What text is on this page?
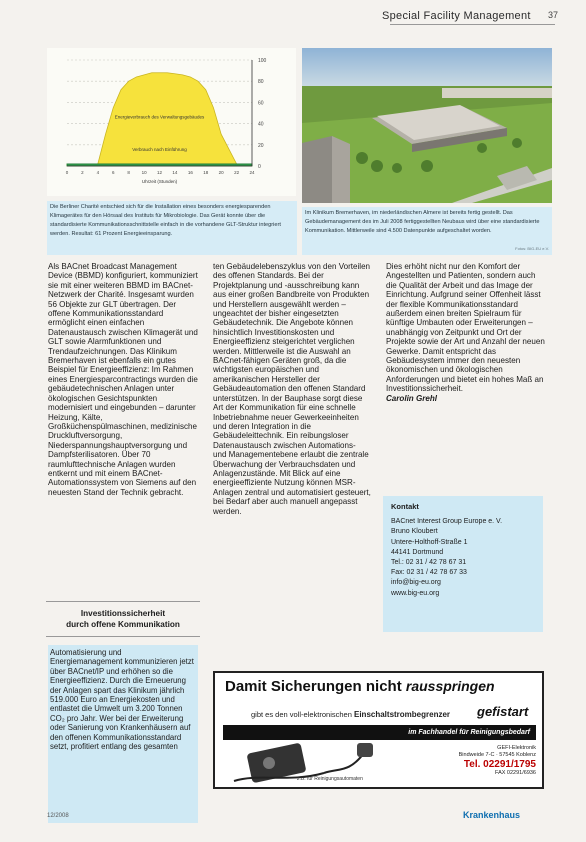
Special Facility Management 37
100
80
60
40
20
0
0	2	4	6	8	10 12 14 16 18 20 22 24
Uhrzeit (Stunden)
Energieverbrauch des Verwaltungsgebäudes
Verbrauch nach Einführung
Die Berliner Charité entschied sich für die Installation eines besonders energiesparenden Klimagerätes für den Hörsaal des Instituts für Mikrobiologie. Das Gerät konnte über die standardisierte Kommunikationsschnittstelle einfach in die vorhandene GLT-Struktur integriert werden. Resultat: 61 Prozent Energieeinsparung.
Im Klinikum Bremerhaven, im niederländischen Almere ist bereits fertig gestellt. Das Gebäudemanagement des im Juli 2008 fertiggestellten Neubaus wird über eine standardisierte Kommunikation. Mittlerweile sind 4.500 Datenpunkte aufgeschaltet worden.
Fotos: BIG-EU e.V.

Als BACnet Broadcast Management Device (BBMD) konfiguriert, kommuniziert sie mit einer weiteren BBMD im BACnet-Netzwerk der Charité. Insgesamt wurden 56 Objekte zur GLT übertragen. Der offene Kommunikationsstandard ermöglicht einen einfachen Datenaustausch zwischen Klimagerät und GLT sowie Alarmfunktionen und Trendaufzeichnungen. Das Klinikum Bremerhaven ist ebenfalls ein gutes Beispiel für Energieeffizienz: Im Rahmen eines Energiesparcontractings wurden die gebäudetechnischen Anlagen unter ökologischen Gesichtspunkten modernisiert und eingebunden – darunter Heizung, Kälte, Großküchenspülmaschinen, medizinische Druckluftversorgung, Niederspannungshauptversorgung und Dampfsterilisatoren. Über 70 raumlufttechnische Anlagen wurden entkernt und mit einem BACnet-Automationssystem von Siemens auf den neuesten Stand der Technik gebracht.

Investitionssicherheit
durch offene Kommunikation
Automatisierung und Energiemanagement kommunizieren jetzt über BACnet/IP und erhöhen so die Energieeffizienz. Durch die Erneuerung der Anlagen spart das Klinikum jährlich 519.000 Euro an Energiekosten und entlastet die Umwelt um 3.200 Tonnen CO₂ pro Jahr. Wer bei der Erweiterung oder Sanierung von Krankenhäusern auf den offenen Kommunikationsstandard setzt, profitiert entlang des gesamten

ten Gebäudelebenszyklus von den Vorteilen des offenen Standards. Bei der Projektplanung und -ausschreibung kann aus einer großen Bandbreite von Produkten und Herstellern ausgewählt werden – ungeachtet der bisher eingesetzten Gebäudetechnik. Die Angebote können hinsichtlich Investitionskosten und Energieeffizienz steigerichtet verglichen werden. Mittlerweile ist die Auswahl an BACnet-fähigen Geräten groß, da die wichtigsten europäischen und amerikanischen Hersteller der Gebäudeautomation den offenen Standard unterstützen. In der Bauphase sorgt diese Art der Kommunikation für eine schnelle Inbetriebnahme neuer Gewerkeeinheiten und deren Integration in die Gebäudeleittechnik. Ein reibungsloser Datenaustausch zwischen Automations- und Managementebene erlaubt die zentrale Überwachung der Verbrauchsdaten und Anlagenzustände. Mit Blick auf eine energieeffiziente Nutzung können MSR-Anlagen zentral und automatisiert gesteuert, bei Bedarf aber auch manuell angepasst werden.

Dies erhöht nicht nur den Komfort der Angestellten und Patienten, sondern auch die Qualität der Arbeit und das Image der Einrichtung. Aufgrund seiner Offenheit lässt der flexible Kommunikationsstandard außerdem einen breiten Spielraum für künftige Umbauten oder Erweiterungen – unabhängig von Zeitpunkt und Ort der Projekte sowie der Art und Anzahl der neuen Gewerke. Damit entspricht das Gebäudesystem immer den neuesten ökonomischen und ökologischen Anforderungen und bietet ein hohes Maß an Investitionssicherheit.

Carolin Grehl

Kontakt
BACnet Interest Group Europe e. V.
Bruno Kloubert
Untere-Holthoff-Straße 1
44141 Dortmund
Tel.: 02 31 / 42 78 67 31
Fax: 02 31 / 42 78 67 33
info@big-eu.org
www.big-eu.org
Damit Sicherungen nicht rausspringen
gibt es den voll-elektronischen Einschaltstrombegrenzer gefistart
im Fachhandel für Reinigungsbedarf
GEFI-Elektronik
Bindweide 7-C · 57545 Koblenz
Tel. 02291/1795
FAX 02291/6936
z.B. für Reinigungsautomaten
12/2008	Krankenhaus
